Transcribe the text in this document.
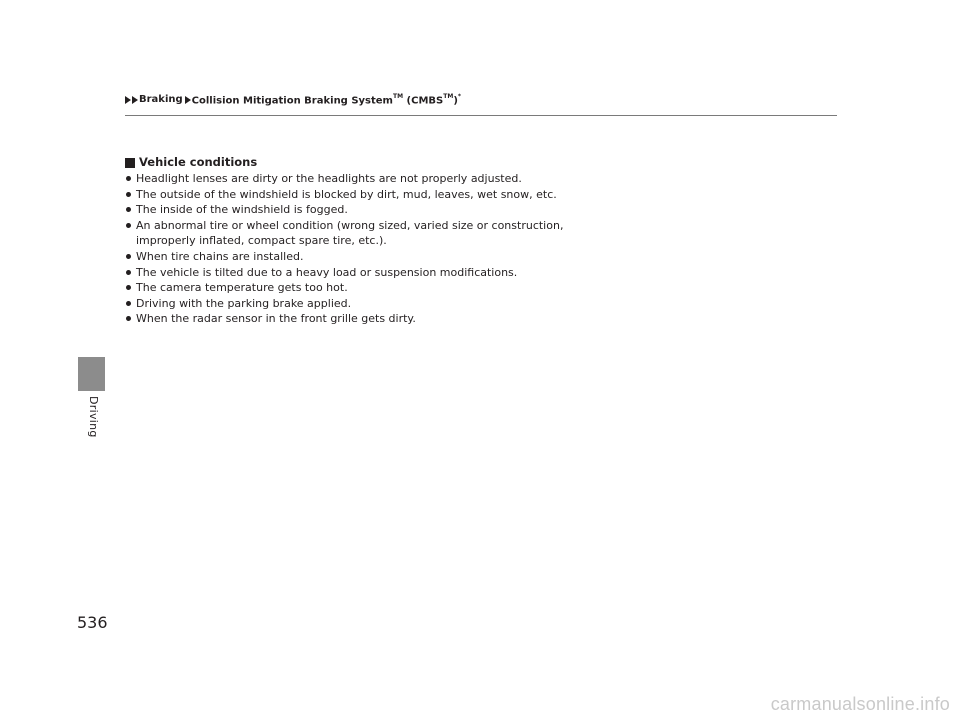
Braking Collision Mitigation Braking System™ (CMBS™)*
Driving
Vehicle conditions
Headlight lenses are dirty or the headlights are not properly adjusted.
The outside of the windshield is blocked by dirt, mud, leaves, wet snow, etc.
The inside of the windshield is fogged.
An abnormal tire or wheel condition (wrong sized, varied size or construction, improperly inflated, compact spare tire, etc.).
When tire chains are installed.
The vehicle is tilted due to a heavy load or suspension modifications.
The camera temperature gets too hot.
Driving with the parking brake applied.
When the radar sensor in the front grille gets dirty.
536
carmanualsonline.info
